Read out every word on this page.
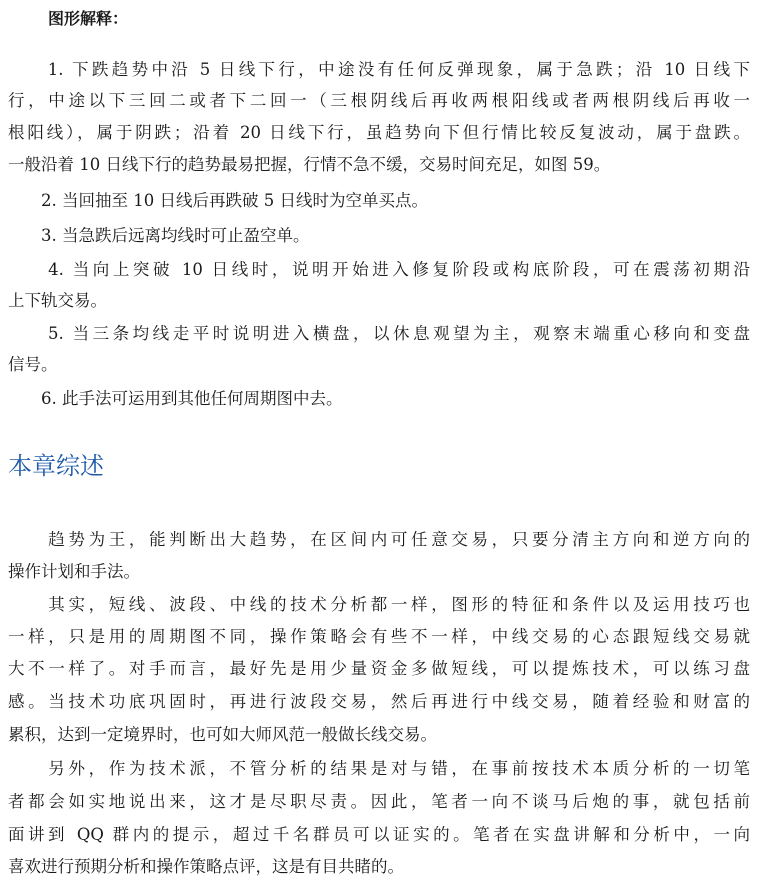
图形解释：
　　1. 下跌趋势中沿 5 日线下行，中途没有任何反弹现象，属于急跌；沿 10 日线下
行，中途以下三回二或者下二回一（三根阴线后再收两根阳线或者两根阴线后再收一
根阳线），属于阴跌；沿着 20 日线下行，虽趋势向下但行情比较反复波动，属于盘跌。
一般沿着 10 日线下行的趋势最易把握，行情不急不缓，交易时间充足，如图 59。
　　2. 当回抽至 10 日线后再跌破 5 日线时为空单买点。
　　3. 当急跌后远离均线时可止盈空单。
　　4. 当向上突破 10 日线时，说明开始进入修复阶段或构底阶段，可在震荡初期沿
上下轨交易。
　　5. 当三条均线走平时说明进入横盘，以休息观望为主，观察末端重心移向和变盘
信号。
　　6. 此手法可运用到其他任何周期图中去。
本章综述
　　趋势为王，能判断出大趋势，在区间内可任意交易，只要分清主方向和逆方向的
操作计划和手法。
　　其实，短线、波段、中线的技术分析都一样，图形的特征和条件以及运用技巧也
一样，只是用的周期图不同，操作策略会有些不一样，中线交易的心态跟短线交易就
大不一样了。对手而言，最好先是用少量资金多做短线，可以提炼技术，可以练习盘
感。当技术功底巩固时，再进行波段交易，然后再进行中线交易，随着经验和财富的
累积，达到一定境界时，也可如大师风范一般做长线交易。
　　另外，作为技术派，不管分析的结果是对与错，在事前按技术本质分析的一切笔
者都会如实地说出来，这才是尽职尽责。因此，笔者一向不谈马后炮的事，就包括前
面讲到 QQ 群内的提示，超过千名群员可以证实的。笔者在实盘讲解和分析中，一向
喜欢进行预期分析和操作策略点评，这是有目共睹的。
